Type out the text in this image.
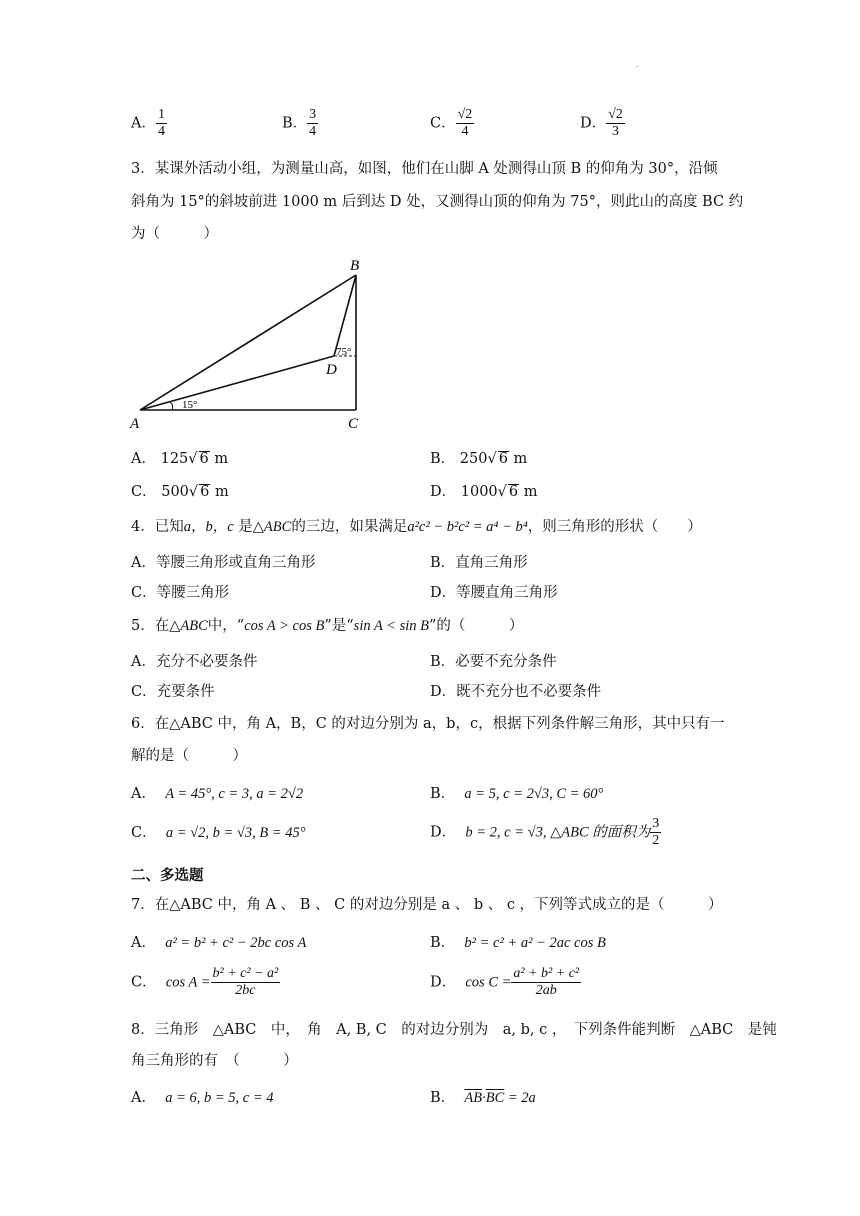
.
A． $\frac{1}{4}$	B． $\frac{3}{4}$	C． $\frac{√2}{4}$	D． $\frac{√2}{3}$
3．某课外活动小组，为测量山高，如图，他们在山脚 A 处测得山顶 B 的仰角为 30°，沿倾
斜角为 15°的斜坡前进 1000 m 后到达 D 处，又测得山顶的仰角为 75°，则此山的高度 BC 约
为（　　　）
B
D
A	C
75°
15°
A． 125√ 6 m	B． 250√ 6 m
C． 500√ 6 m	D． 1000√ 6 m
4．已知a，b，c 是△ABC的三边，如果满足a²c² − b²c² = a⁴ − b⁴，则三角形的形状（　　）
A．等腰三角形或直角三角形	B．直角三角形
C．等腰三角形	D．等腰直角三角形
5．在△ABC中，“cos A > cos B”是“sin A < sin B”的（　　　）
A．充分不必要条件	B．必要不充分条件
C．充要条件	D．既不充分也不必要条件
6．在△ABC 中，角 A，B，C 的对边分别为 a，b，c，根据下列条件解三角形，其中只有一
解的是（　　　）
A． A = 45°, c = 3, a = 2√2	B． a = 5, c = 2√3, C = 60°
C． a = √2, b = √3, B = 45°	D． b = 2, c = √3, △ABC 的面积为 $\frac{3}{2}$
二、多选题
7．在△ABC 中，角 A 、 B 、 C 的对边分别是 a 、 b 、 c ，下列等式成立的是（　　　）
A． a² = b² + c² − 2bc cos A	B． b² = c² + a² − 2ac cos B
C． $\cos A = \frac{\text{b² + c² − a²}}{2bc}$	D． $\cos C = \frac{\text{a² + b² + c²}}{2ab}$
8．三角形　△ABC　中，　角　A, B, C　的对边分别为　a, b, c ，　下列条件能判断　△ABC　是钝
角三角形的有　（　　　）
A． a = 6, b = 5, c = 4	B． $\overline{AB}\cdot\overline{BC} = 2a$
